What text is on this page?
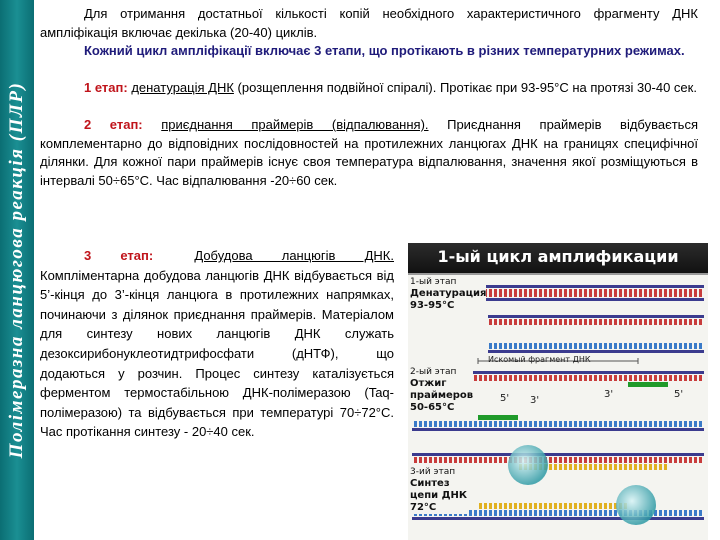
Полімеразна ланцюгова реакція (ПЛР)

Для отримання достатньої кількості копій необхідного характеристичного фрагменту ДНК ампліфікація включає декілька (20-40) циклів.

Кожний цикл ампліфікації включає 3 етапи, що протікають в різних температурних режимах.

1 етап: денатурація ДНК (розщеплення подвійної спіралі). Протікає при 93-95°С на протязі 30-40 сек.

2 етап: приєднання праймерів (відпалювання). Приєднання праймерів відбувається комплементарно до відповідних послідовностей на протилежних ланцюгах ДНК на границях специфічної ділянки. Для кожної пари праймерів існує своя температура відпалювання, значення якої розміщуються в інтервалі 50÷65°С. Час відпалювання -20÷60 сек.

3 етап:	Добудова ланцюгів ДНК. Компліментарна добудова ланцюгів ДНК відбувається від 5’-кінця до 3’-кінця ланцюга в протилежних напрямках, починаючи з ділянок приєднання праймерів. Матеріалом для синтезу нових ланцюгів ДНК служать дезоксирибонуклеотидтрифосфати (дНТФ), що додаються у розчин. Процес синтезу каталізується ферментом термостабільною ДНК-полімеразою (Taq-полімеразою) та відбувається при температурі 70÷72°С. Час протікання синтезу - 20÷40 сек.

1-ый цикл амплификации
1-ый этап
Денатурация
93-95°C
Искомый фрагмент ДНК
2-ый этап
Отжиг
праймеров
50-65°C
5' 3'
3'	5'
3-ий этап
Синтез
цепи ДНК
72°C
